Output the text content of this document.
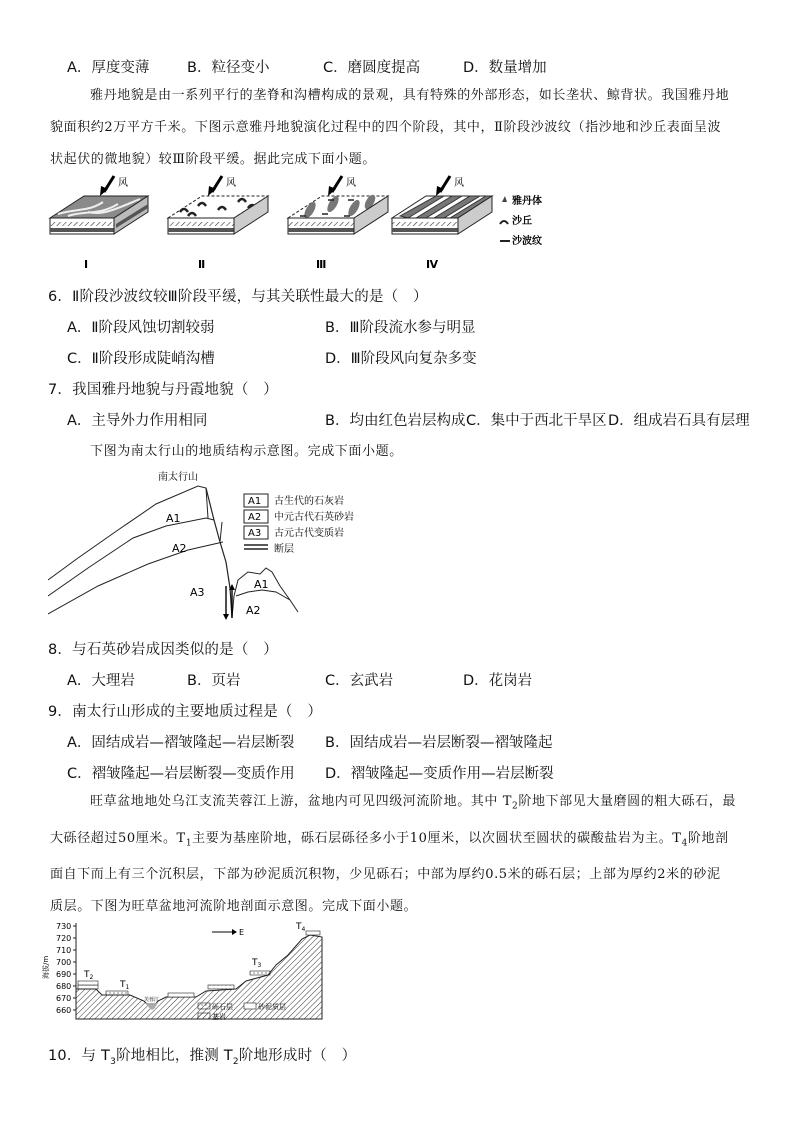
A．厚度变薄	B．粒径变小	C．磨圆度提高	D．数量增加
雅丹地貌是由一系列平行的垄脊和沟槽构成的景观，具有特殊的外部形态，如长垄状、鲸背状。我国雅丹地
貌面积约2万平方千米。下图示意雅丹地貌演化过程中的四个阶段，其中，Ⅱ阶段沙波纹（指沙地和沙丘表面呈波
状起伏的微地貌）较Ⅲ阶段平缓。据此完成下面小题。
风	风	风	风
Ⅰ	Ⅱ	Ⅲ	Ⅳ
雅丹体
沙丘
沙波纹
6．Ⅱ阶段沙波纹较Ⅲ阶段平缓，与其关联性最大的是（　）
A．Ⅱ阶段风蚀切割较弱	B．Ⅲ阶段流水参与明显
C．Ⅱ阶段形成陡峭沟槽	D．Ⅲ阶段风向复杂多变
7．我国雅丹地貌与丹霞地貌（　）
A．主导外力作用相同	B．均由红色岩层构成 C．集中于西北干旱区 D．组成岩石具有层理
下图为南太行山的地质结构示意图。完成下面小题。
南太行山
A1
A2
A3
A1
A2
A1 古生代的石灰岩
A2 中元古代石英砂岩
A3 古元古代变质岩
断层
8．与石英砂岩成因类似的是（　）
A．大理岩	B．页岩	C．玄武岩	D．花岗岩
9．南太行山形成的主要地质过程是（　）
A．固结成岩—褶皱隆起—岩层断裂 B．固结成岩—岩层断裂—褶皱隆起
C．褶皱隆起—岩层断裂—变质作用 D．褶皱隆起—变质作用—岩层断裂
旺草盆地地处乌江支流芙蓉江上游，盆地内可见四级河流阶地。其中 $T_2$阶地下部见大量磨圆的粗大砾石，最
大砾径超过50厘米。$T_1$主要为基座阶地，砾石层砾径多小于10厘米，以次圆状至圆状的碳酸盐岩为主。$T_4$阶地剖
面自下而上有三个沉积层，下部为砂泥质沉积物，少见砾石；中部为厚约0.5米的砾石层；上部为厚约2米的砂泥
质层。下图为旺草盆地河流阶地剖面示意图。完成下面小题。
海拔/m
730
720
710
700
690
680
670
660
E
$T_2$
$T_1$
$T_3$
$T_4$
芙蓉江
砾石层	砂泥质层
基岩
10．与 $T_3$阶地相比，推测 $T_2$阶地形成时（　）
